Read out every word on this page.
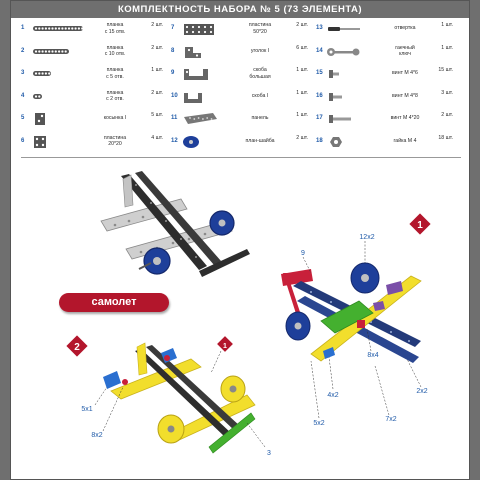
КОМПЛЕКТНОСТЬ НАБОРА № 5 (73 ЭЛЕМЕНТА)
1	планка
с 15 отв.
2 шт.
2	планка
с 10 отв.
2 шт.
3	планка
с 5 отв.
1 шт.
4	планка
с 2 отв.
2 шт.
5	косынка I	5 шт.
6	пластина
20*20
4 шт.
7	пластина
50*20
2 шт.
8	уголок I	6 шт.
9	скоба
большая
1 шт.
10	скоба I	1 шт.
11	панель	1 шт.
12	план-шайба	2 шт.
13	отвертка	1 шт.
14	гаечный
ключ
1 шт.
15	винт М 4*6	15 шт.
16	винт М 4*8	3 шт.
17	винт М 4*20	2 шт.
18	гайка М 4	18 шт.
1
2
9
12x2
8x4
4x2
5x2
7x2
2x2
1
5x1
8x2
3
самолет
